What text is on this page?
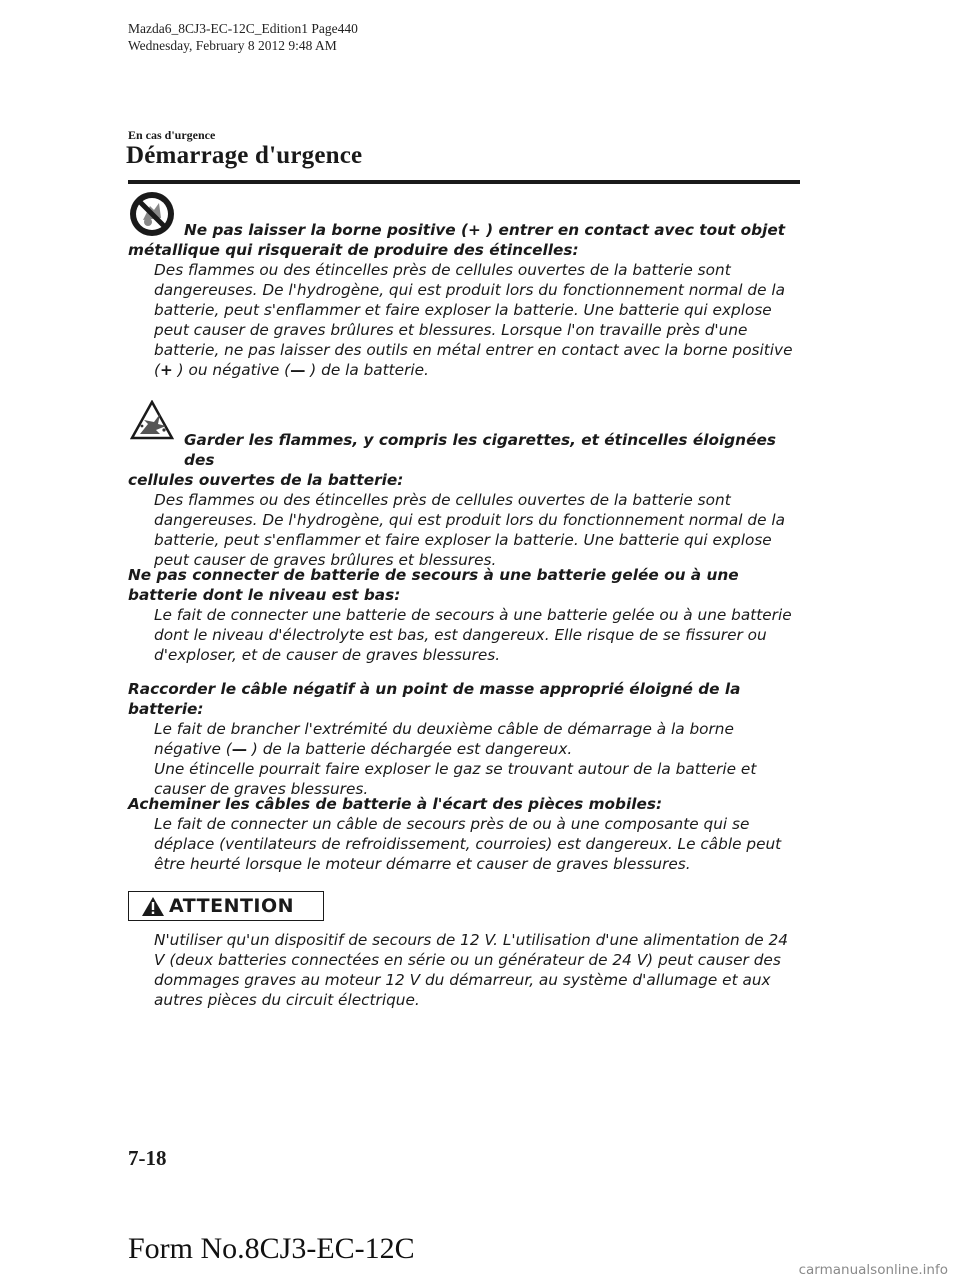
Mazda6_8CJ3-EC-12C_Edition1 Page440
Wednesday, February 8 2012 9:48 AM
En cas d'urgence
Démarrage d'urgence
Ne pas laisser la borne positive (+ ) entrer en contact avec tout objet
métallique qui risquerait de produire des étincelles:
Des flammes ou des étincelles près de cellules ouvertes de la batterie sont dangereuses. De l'hydrogène, qui est produit lors du fonctionnement normal de la batterie, peut s'enflammer et faire exploser la batterie. Une batterie qui explose peut causer de graves brûlures et blessures. Lorsque l'on travaille près d'une batterie, ne pas laisser des outils en métal entrer en contact avec la borne positive (+ ) ou négative (— ) de la batterie.
Garder les flammes, y compris les cigarettes, et étincelles éloignées des
cellules ouvertes de la batterie:
Des flammes ou des étincelles près de cellules ouvertes de la batterie sont dangereuses. De l'hydrogène, qui est produit lors du fonctionnement normal de la batterie, peut s'enflammer et faire exploser la batterie. Une batterie qui explose peut causer de graves brûlures et blessures.
Ne pas connecter de batterie de secours à une batterie gelée ou à une batterie dont le niveau est bas:
Le fait de connecter une batterie de secours à une batterie gelée ou à une batterie dont le niveau d'électrolyte est bas, est dangereux. Elle risque de se fissurer ou d'exploser, et de causer de graves blessures.
Raccorder le câble négatif à un point de masse approprié éloigné de la batterie:
Le fait de brancher l'extrémité du deuxième câble de démarrage à la borne négative (— ) de la batterie déchargée est dangereux.
Une étincelle pourrait faire exploser le gaz se trouvant autour de la batterie et causer de graves blessures.
Acheminer les câbles de batterie à l'écart des pièces mobiles:
Le fait de connecter un câble de secours près de ou à une composante qui se déplace (ventilateurs de refroidissement, courroies) est dangereux. Le câble peut être heurté lorsque le moteur démarre et causer de graves blessures.
ATTENTION
N'utiliser qu'un dispositif de secours de 12 V. L'utilisation d'une alimentation de 24 V (deux batteries connectées en série ou un générateur de 24 V) peut causer des dommages graves au moteur 12 V du démarreur, au système d'allumage et aux autres pièces du circuit électrique.
7-18
Form No.8CJ3-EC-12C
carmanualsonline.info
